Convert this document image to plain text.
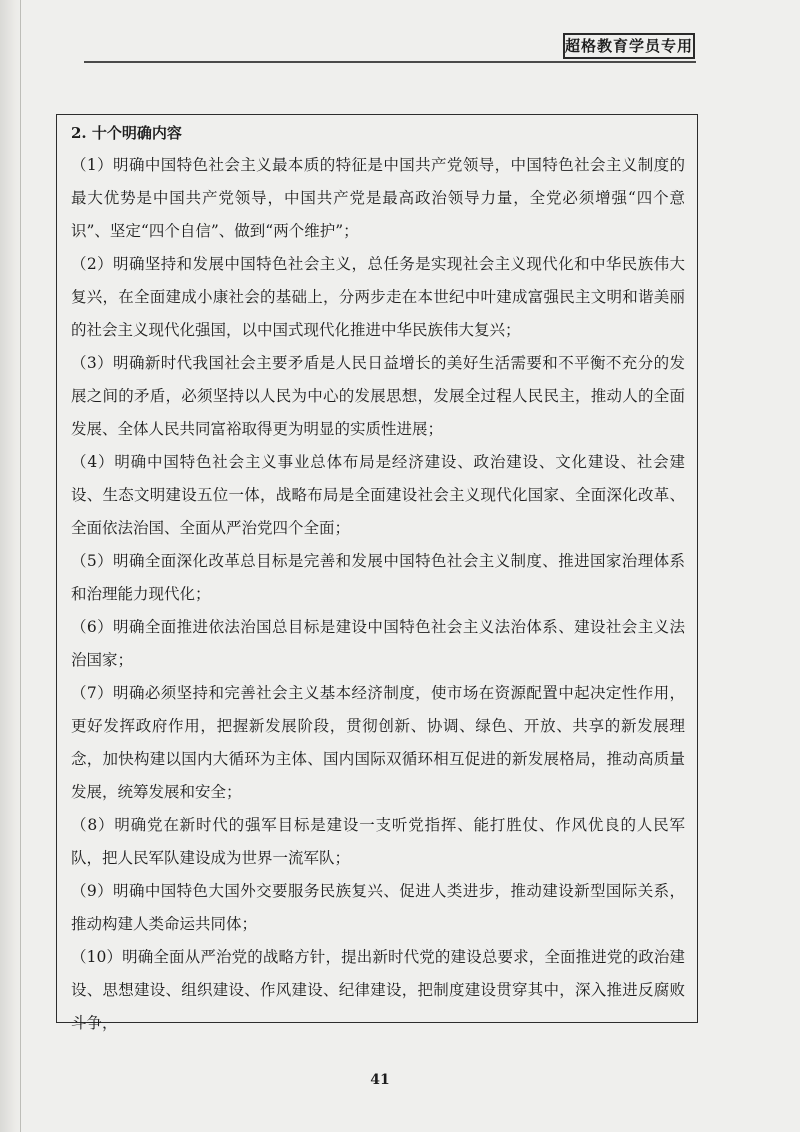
超格教育学员专用
2. 十个明确内容

（1）明确中国特色社会主义最本质的特征是中国共产党领导，中国特色社会主义制度的最大优势是中国共产党领导，中国共产党是最高政治领导力量，全党必须增强“四个意识”、坚定“四个自信”、做到“两个维护”；

（2）明确坚持和发展中国特色社会主义，总任务是实现社会主义现代化和中华民族伟大复兴，在全面建成小康社会的基础上，分两步走在本世纪中叶建成富强民主文明和谐美丽的社会主义现代化强国，以中国式现代化推进中华民族伟大复兴；

（3）明确新时代我国社会主要矛盾是人民日益增长的美好生活需要和不平衡不充分的发展之间的矛盾，必须坚持以人民为中心的发展思想，发展全过程人民民主，推动人的全面发展、全体人民共同富裕取得更为明显的实质性进展；

（4）明确中国特色社会主义事业总体布局是经济建设、政治建设、文化建设、社会建设、生态文明建设五位一体，战略布局是全面建设社会主义现代化国家、全面深化改革、全面依法治国、全面从严治党四个全面；

（5）明确全面深化改革总目标是完善和发展中国特色社会主义制度、推进国家治理体系和治理能力现代化；

（6）明确全面推进依法治国总目标是建设中国特色社会主义法治体系、建设社会主义法治国家；

（7）明确必须坚持和完善社会主义基本经济制度，使市场在资源配置中起决定性作用，更好发挥政府作用，把握新发展阶段，贯彻创新、协调、绿色、开放、共享的新发展理念，加快构建以国内大循环为主体、国内国际双循环相互促进的新发展格局，推动高质量发展，统筹发展和安全；

（8）明确党在新时代的强军目标是建设一支听党指挥、能打胜仗、作风优良的人民军队，把人民军队建设成为世界一流军队；

（9）明确中国特色大国外交要服务民族复兴、促进人类进步，推动建设新型国际关系，推动构建人类命运共同体；

（10）明确全面从严治党的战略方针，提出新时代党的建设总要求，全面推进党的政治建设、思想建设、组织建设、作风建设、纪律建设，把制度建设贯穿其中，深入推进反腐败斗争，

41
